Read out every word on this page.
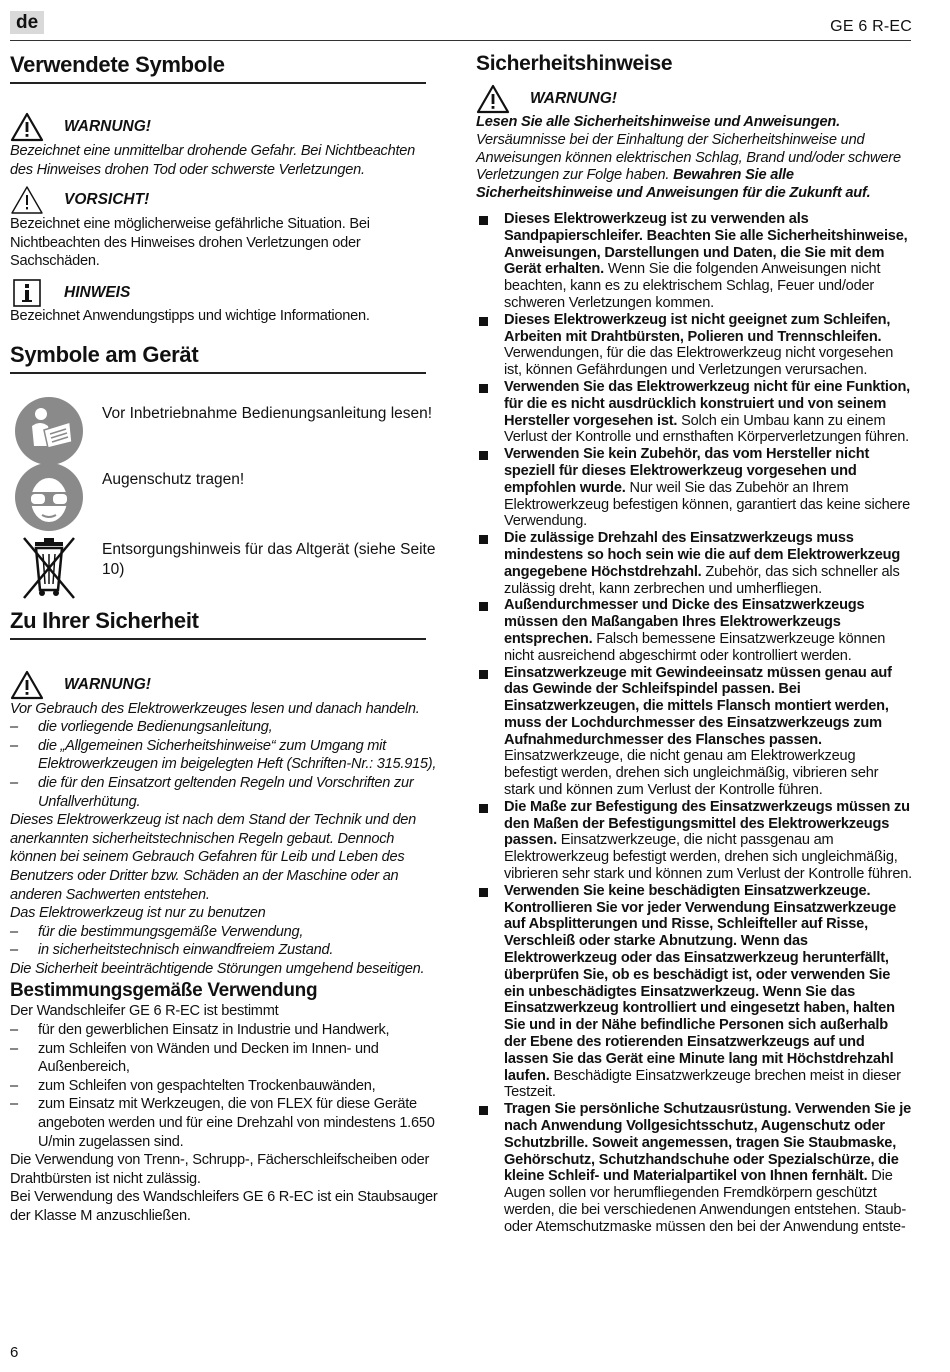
de	GE 6 R-EC
Verwendete Symbole
WARNUNG!
Bezeichnet eine unmittelbar drohende Gefahr. Bei Nichtbeachten des Hinweises drohen Tod oder schwerste Verletzungen.
VORSICHT!
Bezeichnet eine möglicherweise gefährliche Situation. Bei Nichtbeachten des Hinweises drohen Verletzungen oder Sachschäden.
HINWEIS
Bezeichnet Anwendungstipps und wichtige Informationen.
Symbole am Gerät
Vor Inbetriebnahme Bedienungsanleitung lesen!
Augenschutz tragen!
Entsorgungshinweis für das Altgerät (siehe Seite 10)
Zu Ihrer Sicherheit
WARNUNG!
Vor Gebrauch des Elektrowerkzeuges lesen und danach handeln.
– die vorliegende Bedienungsanleitung,
– die „Allgemeinen Sicherheitshinweise“ zum Umgang mit Elektrowerkzeugen im beigelegten Heft (Schriften-Nr.: 315.915),
– die für den Einsatzort geltenden Regeln und Vorschriften zur Unfallverhütung.
Dieses Elektrowerkzeug ist nach dem Stand der Technik und den anerkannten sicherheitstechnischen Regeln gebaut. Dennoch können bei seinem Gebrauch Gefahren für Leib und Leben des Benutzers oder Dritter bzw. Schäden an der Maschine oder an anderen Sachwerten entstehen.
Das Elektrowerkzeug ist nur zu benutzen
– für die bestimmungsgemäße Verwendung,
– in sicherheitstechnisch einwandfreiem Zustand.
Die Sicherheit beeinträchtigende Störungen umgehend beseitigen.
Bestimmungsgemäße Verwendung
Der Wandschleifer GE 6 R-EC ist bestimmt
– für den gewerblichen Einsatz in Industrie und Handwerk,
– zum Schleifen von Wänden und Decken im Innen- und Außenbereich,
– zum Schleifen von gespachtelten Trockenbauwänden,
– zum Einsatz mit Werkzeugen, die von FLEX für diese Geräte angeboten werden und für eine Drehzahl von mindestens 1.650 U/min zugelassen sind.
Die Verwendung von Trenn-, Schrupp-, Fächerschleifscheiben oder Drahtbürsten ist nicht zulässig.
Bei Verwendung des Wandschleifers GE 6 R-EC ist ein Staubsauger der Klasse M anzuschließen.
Sicherheitshinweise
WARNUNG!
Lesen Sie alle Sicherheitshinweise und Anweisungen. Versäumnisse bei der Einhaltung der Sicherheitshinweise und Anweisungen können elektrischen Schlag, Brand und/oder schwere Verletzungen zur Folge haben. Bewahren Sie alle Sicherheitshinweise und Anweisungen für die Zukunft auf.
Dieses Elektrowerkzeug ist zu verwenden als Sandpapierschleifer. Beachten Sie alle Sicherheitshinweise, Anweisungen, Darstellungen und Daten, die Sie mit dem Gerät erhalten. Wenn Sie die folgenden Anweisungen nicht beachten, kann es zu elektrischem Schlag, Feuer und/oder schweren Verletzungen kommen.
Dieses Elektrowerkzeug ist nicht geeignet zum Schleifen, Arbeiten mit Drahtbürsten, Polieren und Trennschleifen. Verwendungen, für die das Elektrowerkzeug nicht vorgesehen ist, können Gefährdungen und Verletzungen verursachen.
Verwenden Sie das Elektrowerkzeug nicht für eine Funktion, für die es nicht ausdrücklich konstruiert und von seinem Hersteller vorgesehen ist. Solch ein Umbau kann zu einem Verlust der Kontrolle und ernsthaften Körperverletzungen führen.
Verwenden Sie kein Zubehör, das vom Hersteller nicht speziell für dieses Elektrowerkzeug vorgesehen und empfohlen wurde. Nur weil Sie das Zubehör an Ihrem Elektrowerkzeug befestigen können, garantiert das keine sichere Verwendung.
Die zulässige Drehzahl des Einsatzwerkzeugs muss mindestens so hoch sein wie die auf dem Elektrowerkzeug angegebene Höchstdrehzahl. Zubehör, das sich schneller als zulässig dreht, kann zerbrechen und umherfliegen.
Außendurchmesser und Dicke des Einsatzwerkzeugs müssen den Maßangaben Ihres Elektrowerkzeugs entsprechen. Falsch bemessene Einsatzwerkzeuge können nicht ausreichend abgeschirmt oder kontrolliert werden.
Einsatzwerkzeuge mit Gewindeeinsatz müssen genau auf das Gewinde der Schleifspindel passen. Bei Einsatzwerkzeugen, die mittels Flansch montiert werden, muss der Lochdurchmesser des Einsatzwerkzeugs zum Aufnahmedurchmesser des Flansches passen. Einsatzwerkzeuge, die nicht genau am Elektrowerkzeug befestigt werden, drehen sich ungleichmäßig, vibrieren sehr stark und können zum Verlust der Kontrolle führen.
Die Maße zur Befestigung des Einsatzwerkzeugs müssen zu den Maßen der Befestigungsmittel des Elektrowerkzeugs passen. Einsatzwerkzeuge, die nicht passgenau am Elektrowerkzeug befestigt werden, drehen sich ungleichmäßig, vibrieren sehr stark und können zum Verlust der Kontrolle führen.
Verwenden Sie keine beschädigten Einsatzwerkzeuge. Kontrollieren Sie vor jeder Verwendung Einsatzwerkzeuge auf Absplitterungen und Risse, Schleifteller auf Risse, Verschleiß oder starke Abnutzung. Wenn das Elektrowerkzeug oder das Einsatzwerkzeug herunterfällt, überprüfen Sie, ob es beschädigt ist, oder verwenden Sie ein unbeschädigtes Einsatzwerkzeug. Wenn Sie das Einsatzwerkzeug kontrolliert und eingesetzt haben, halten Sie und in der Nähe befindliche Personen sich außerhalb der Ebene des rotierenden Einsatzwerkzeugs auf und lassen Sie das Gerät eine Minute lang mit Höchstdrehzahl laufen. Beschädigte Einsatzwerkzeuge brechen meist in dieser Testzeit.
Tragen Sie persönliche Schutzausrüstung. Verwenden Sie je nach Anwendung Vollgesichtsschutz, Augenschutz oder Schutzbrille. Soweit angemessen, tragen Sie Staubmaske, Gehörschutz, Schutzhandschuhe oder Spezialschürze, die kleine Schleif- und Materialpartikel von Ihnen fernhält. Die Augen sollen vor herumfliegenden Fremdkörpern geschützt werden, die bei verschiedenen Anwendungen entstehen. Staub- oder Atemschutzmaske müssen den bei der Anwendung entste-
6
